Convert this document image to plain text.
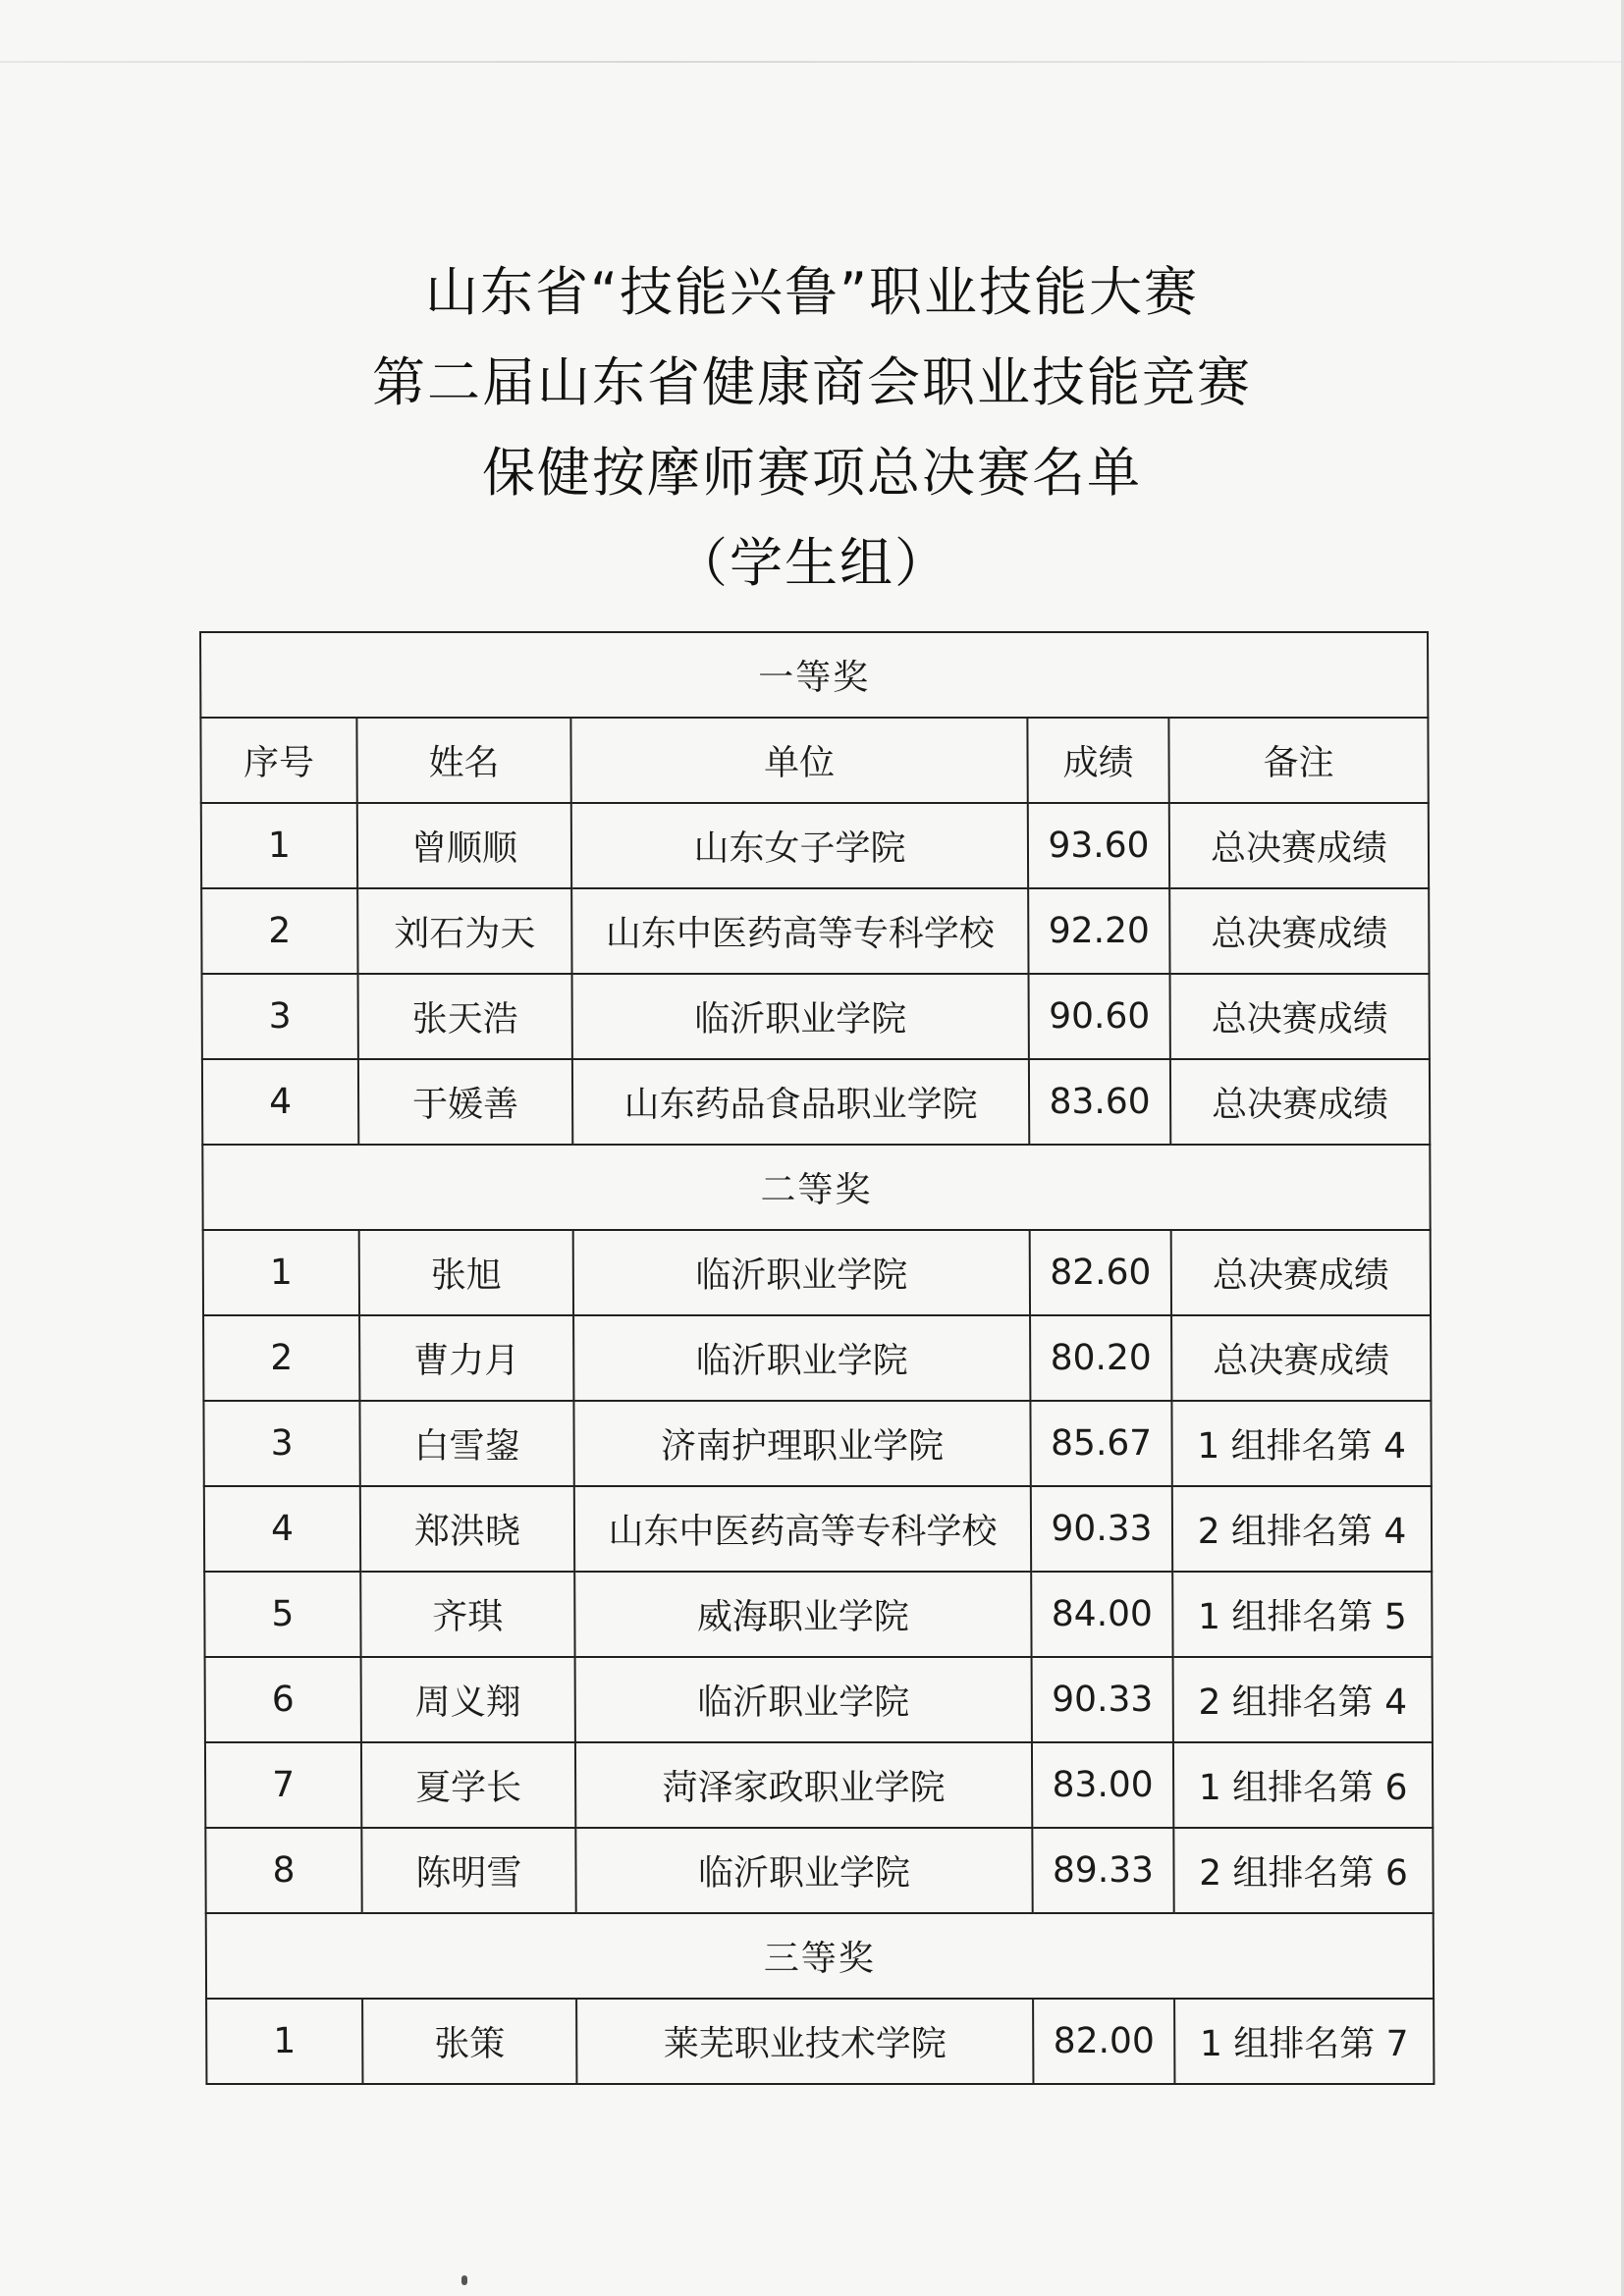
山东省“技能兴鲁”职业技能大赛
第二届山东省健康商会职业技能竞赛
保健按摩师赛项总决赛名单
（学生组）
一等奖				
序号	姓名	单位	成绩	备注
1	曾顺顺	山东女子学院	93.60	总决赛成绩
2	刘石为天	山东中医药高等专科学校	92.20	总决赛成绩
3	张天浩	临沂职业学院	90.60	总决赛成绩
4	于媛善	山东药品食品职业学院	83.60	总决赛成绩
二等奖				
1	张旭	临沂职业学院	82.60	总决赛成绩
2	曹力月	临沂职业学院	80.20	总决赛成绩
3	白雪鋆	济南护理职业学院	85.67	1 组排名第 4
4	郑洪晓	山东中医药高等专科学校	90.33	2 组排名第 4
5	齐琪	威海职业学院	84.00	1 组排名第 5
6	周义翔	临沂职业学院	90.33	2 组排名第 4
7	夏学长	菏泽家政职业学院	83.00	1 组排名第 6
8	陈明雪	临沂职业学院	89.33	2 组排名第 6
三等奖				
1	张策	莱芜职业技术学院	82.00	1 组排名第 7
